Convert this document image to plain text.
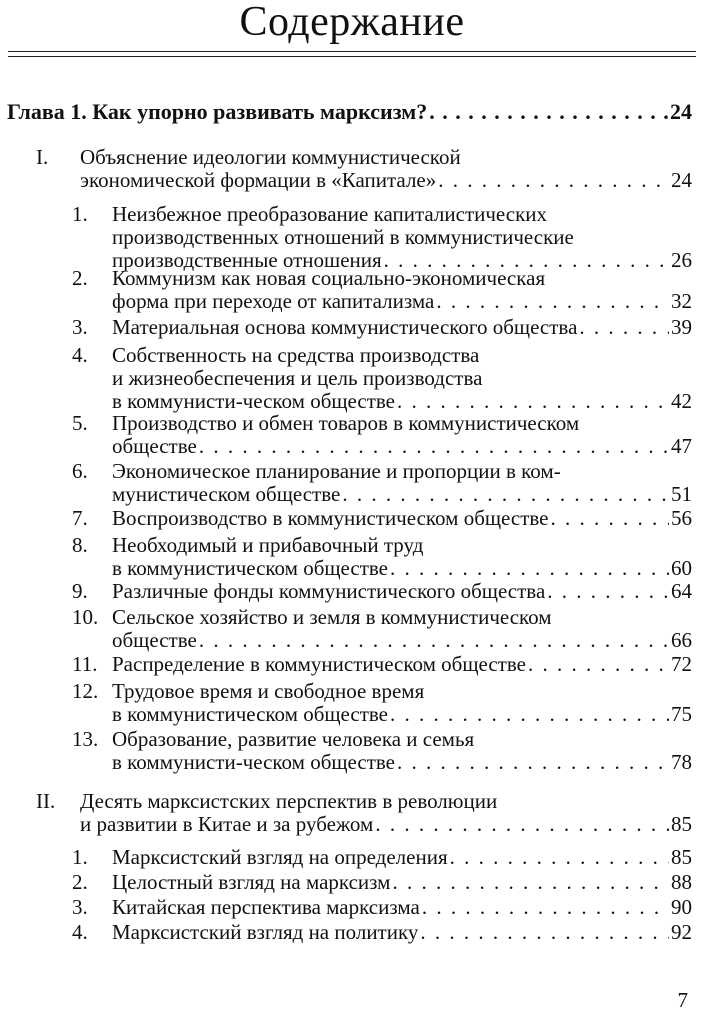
Содержание
Глава 1. Как упорно развивать марксизм? . . .	24
I. Объяснение идеологии коммунистической
экономической формации в «Капитале» . . .	24
1. Неизбежное преобразование капиталистических
производственных отношений в коммунистические
производственные отношения . . .	26
2. Коммунизм как новая социально-экономическая
форма при переходе от капитализма . . .	32
3. Материальная основа коммунистического общества . . .	39
4. Собственность на средства производства
и жизнеобеспечения и цель производства
в коммунисти-ческом обществе . . .	42
5. Производство и обмен товаров в коммунистическом
обществе . . .	47
6. Экономическое планирование и пропорции в ком-
мунистическом обществе . . .	51
7. Воспроизводство в коммунистическом обществе . . .	56
8. Необходимый и прибавочный труд
в коммунистическом обществе . . .	60
9. Различные фонды коммунистического общества . . .	64
10. Сельское хозяйство и земля в коммунистическом
обществе . . .	66
11. Распределение в коммунистическом обществе . . .	72
12. Трудовое время и свободное время
в коммунистическом обществе . . .	75
13. Образование, развитие человека и семья
в коммунисти-ческом обществе . . .	78
II. Десять марксистских перспектив в революции
и развитии в Китае и за рубежом . . .	85
1. Марксистский взгляд на определения . . .	85
2. Целостный взгляд на марксизм . . .	88
3. Китайская перспектива марксизма . . .	90
4. Марксистский взгляд на политику . . .	92
7
